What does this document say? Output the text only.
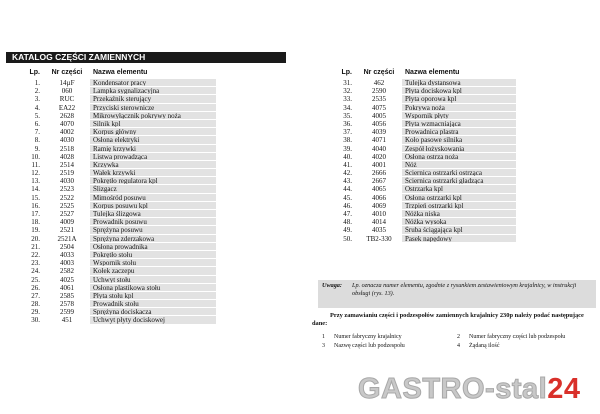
KATALOG CZĘŚCI ZAMIENNYCH
Lp.	Nr części	Nazwa elementu
1.	14µF	Kondensator pracy
2.	060	Lampka sygnalizacyjna
3.	RUC	Przekaźnik sterujący
4.	EA22	Przyciski sterownicze
5.	2628	Mikrowyłącznik pokrywy noża
6.	4070	Silnik kpl
7.	4002	Korpus główny
8.	4030	Osłona elektryki
9.	2518	Ramię krzywki
10.	4028	Listwa prowadząca
11.	2514	Krzywka
12.	2519	Wałek krzywki
13.	4030	Pokrętło regulatora kpl
14.	2523	Ślizgacz
15.	2522	Mimośród posuwu
16.	2525	Korpus posuwu kpl
17.	2527	Tulejka ślizgowa
18.	4009	Prowadnik posuwu
19.	2521	Sprężyna posuwu
20.	2521A	Sprężyna zderzakowa
21.	2504	Osłona prowadnika
22.	4033	Pokrętło stołu
23.	4003	Wspornik stołu
24.	2582	Kołek zaczepu
25.	4025	Uchwyt stołu
26.	4061	Osłona plastikowa stołu
27.	2585	Płyta stołu kpl
28.	2578	Prowadnik stołu
29.	2599	Sprężyna dociskacza
30.	451	Uchwyt płyty dociskowej
Lp.	Nr części	Nazwa elementu
31.	462	Tulejka dystansowa
32.	2590	Płyta dociskowa kpl
33.	2535	Płyta oporowa kpl
34.	4075	Pokrywa noża
35.	4005	Wspornik płyty
36.	4056	Płyta wzmacniająca
37.	4039	Prowadnica plastra
38.	4071	Koło pasowe silnika
39.	4040	Zespół łożyskowania
40.	4020	Osłona ostrza noża
41.	4001	Nóż
42.	2666	Ściernica ostrzarki ostrząca
43.	2667	Ściernica ostrzarki gładząca
44.	4065	Ostrzarka kpl
45.	4066	Osłona ostrzarki kpl
46.	4069	Trzpień ostrzarki kpl
47.	4010	Nóżka niska
48.	4014	Nóżka wysoka
49.	4035	Śruba ściągająca kpl
50.	TB2-330	Pasek napędowy
Uwaga: Lp. oznacza numer elementu, zgodnie z rysunkiem zestawieniowym krajalnicy, w instrukcji obsługi (rys. 13).
Przy zamawianiu części i podzespołów zamiennych krajalnicy 230p należy podać następujące dane:
1	Numer fabryczny krajalnicy	2	Numer fabryczny części lub podzespołu
3	Nazwę części lub podzespołu	4	Żądaną ilość
GASTRO-stal24
